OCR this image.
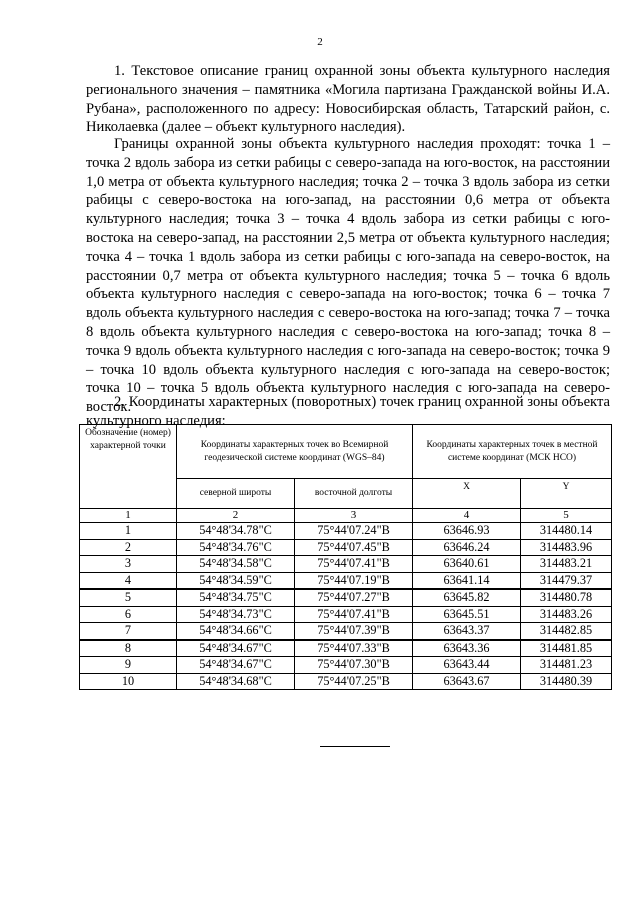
2

1. Текстовое описание границ охранной зоны объекта культурного наследия регионального значения – памятника «Могила партизана Гражданской войны И.А. Рубана», расположенного по адресу: Новосибирская область, Татарский район, с. Николаевка (далее – объект культурного наследия).

Границы охранной зоны объекта культурного наследия проходят: точка 1 – точка 2 вдоль забора из сетки рабицы с северо-запада на юго-восток, на расстоянии 1,0 метра от объекта культурного наследия; точка 2 – точка 3 вдоль забора из сетки рабицы с северо-востока на юго-запад, на расстоянии 0,6 метра от объекта культурного наследия; точка 3 – точка 4 вдоль забора из сетки рабицы с юго-востока на северо-запад, на расстоянии 2,5 метра от объекта культурного наследия; точка 4 – точка 1 вдоль забора из сетки рабицы с юго-запада на северо-восток, на расстоянии 0,7 метра от объекта культурного наследия; точка 5 – точка 6 вдоль объекта культурного наследия с северо-запада на юго-восток; точка 6 – точка 7 вдоль объекта культурного наследия с северо-востока на юго-запад; точка 7 – точка 8 вдоль объекта культурного наследия с северо-востока на юго-запад; точка 8 – точка 9 вдоль объекта культурного наследия с юго-запада на северо-восток; точка 9 – точка 10 вдоль объекта культурного наследия с юго-запада на северо-восток; точка 10 – точка 5 вдоль объекта культурного наследия с юго-запада на северо-восток.

2. Координаты характерных (поворотных) точек границ охранной зоны объекта культурного наследия:

Обозначение (номер) характерной точки	Координаты характерных точек во Всемирной геодезической системе координат (WGS–84)		Координаты характерных точек в местной системе координат (МСК НСО)	
	северной широты	восточной долготы	X	Y
1	2	3	4	5
1	54°48'34.78"С	75°44'07.24"В	63646.93	314480.14
2	54°48'34.76"С	75°44'07.45"В	63646.24	314483.96
3	54°48'34.58"С	75°44'07.41"В	63640.61	314483.21
4	54°48'34.59"С	75°44'07.19"В	63641.14	314479.37
5	54°48'34.75"С	75°44'07.27"В	63645.82	314480.78
6	54°48'34.73"С	75°44'07.41"В	63645.51	314483.26
7	54°48'34.66"С	75°44'07.39"В	63643.37	314482.85
8	54°48'34.67"С	75°44'07.33"В	63643.36	314481.85
9	54°48'34.67"С	75°44'07.30"В	63643.44	314481.23
10	54°48'34.68"С	75°44'07.25"В	63643.67	314480.39
